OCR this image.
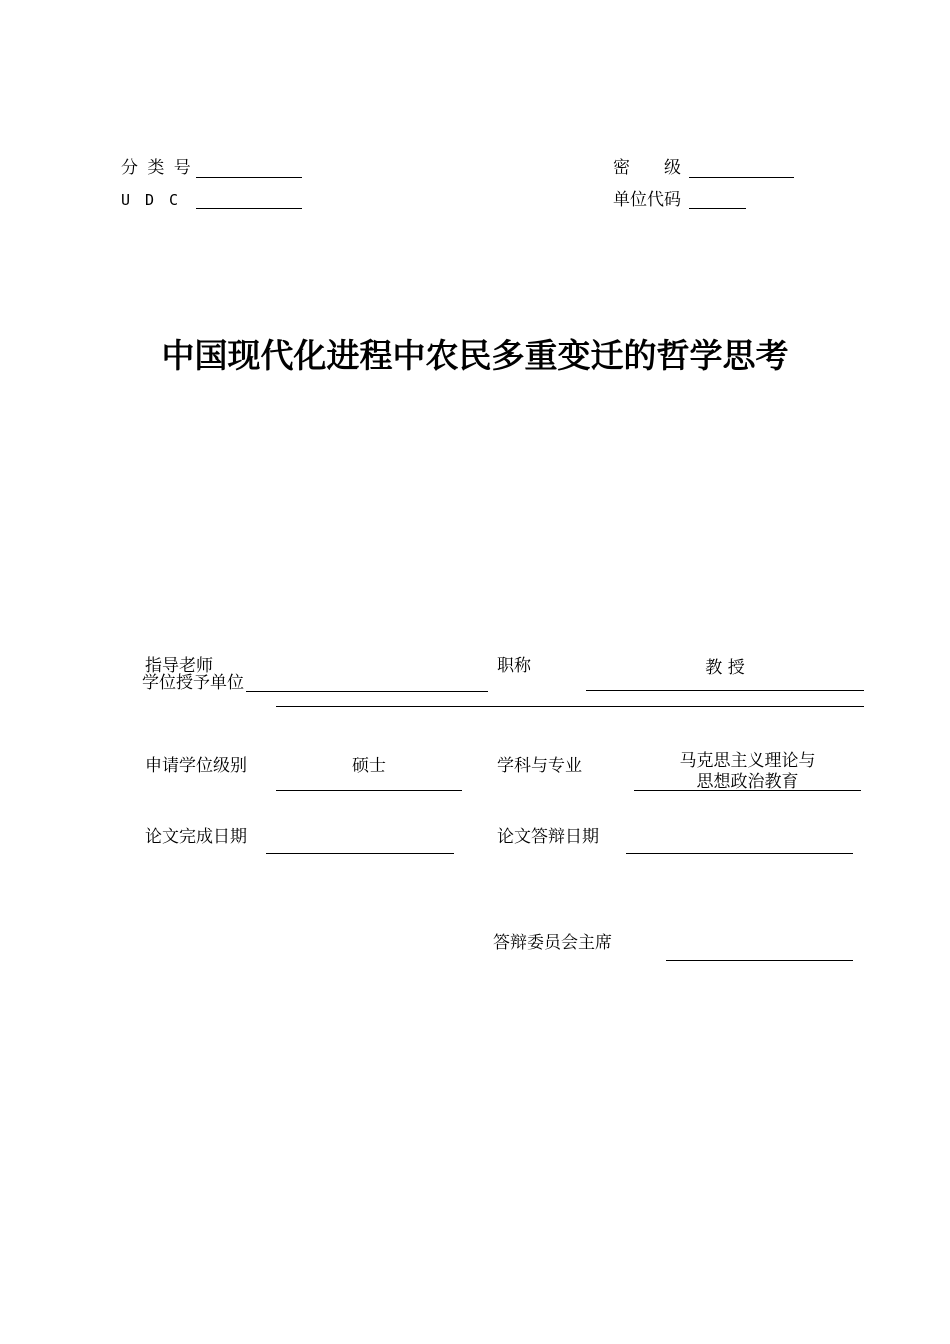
分 类 号
U　D　C
密　　级
单位代码
中国现代化进程中农民多重变迁的哲学思考
指导老师
学位授予单位
职称	教 授
申请学位级别	硕士	学科与专业	马克思主义理论与
思想政治教育
论文完成日期	论文答辩日期
答辩委员会主席
